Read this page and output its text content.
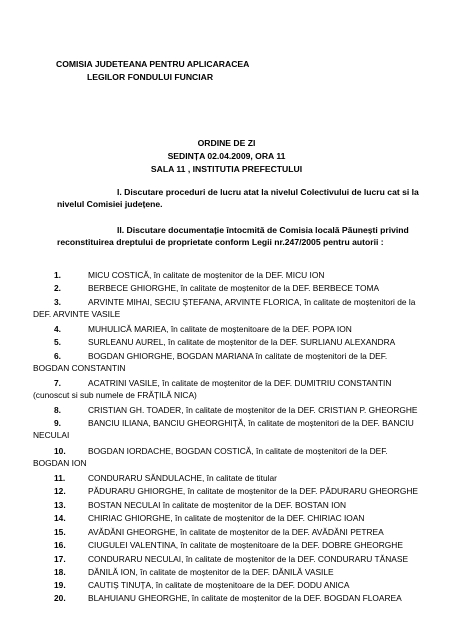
COMISIA JUDETEANA PENTRU APLICARACEA
LEGILOR FONDULUI FUNCIAR
ORDINE DE ZI
SEDINȚA 02.04.2009, ORA 11
SALA 11 , INSTITUTIA PREFECTULUI
I. Discutare proceduri de lucru atat la nivelul Colectivului de lucru cat si la
nivelul Comisiei județene.
II. Discutare documentație întocmită de Comisia locală Păunești privind
reconstituirea dreptului de proprietate conform Legii nr.247/2005 pentru autorii :
1.	MICU COSTICĂ, în calitate de moștenitor de la DEF. MICU ION
2.	BERBECE GHIORGHE, în calitate de moștenitor de la DEF. BERBECE TOMA
3.	ARVINTE MIHAI, SECIU ȘTEFANA, ARVINTE FLORICA, în calitate de moștenitori de la
DEF. ARVINTE VASILE
4.	MUHULICĂ MARIEA, în calitate de moștenitoare de la DEF. POPA ION
5.	SURLEANU AUREL, în calitate de moștenitor de la DEF. SURLIANU ALEXANDRA
6.	BOGDAN GHIORGHE, BOGDAN MARIANA în calitate de moștenitori de la DEF.
BOGDAN CONSTANTIN
7.	ACATRINI VASILE, în calitate de moștenitor de la DEF. DUMITRIU CONSTANTIN
(cunoscut si sub numele de FRĂȚILĂ NICA)
8.	CRISTIAN GH. TOADER, în calitate de moștenitor de la DEF. CRISTIAN P. GHEORGHE
9.	BANCIU ILIANA, BANCIU GHEORGHIȚĂ, în calitate de moștenitori de la DEF. BANCIU
NECULAI
10.	BOGDAN IORDACHE, BOGDAN COSTICĂ, în calitate de moștenitori de la DEF.
BOGDAN ION
11.	CONDURARU SĂNDULACHE, în calitate de titular
12.	PĂDURARU GHIORGHE, în calitate de moștenitor de la DEF. PĂDURARU GHEORGHE
13.	BOSTAN NECULAI în calitate de moștenitor de la DEF. BOSTAN ION
14.	CHIRIAC GHIORGHE, în calitate de moștenitor de la DEF. CHIRIAC IOAN
15.	AVĂDĂNI GHEORGHE, în calitate de moștenitor de la DEF. AVĂDĂNI PETREA
16.	CIUGULEI VALENTINA, în calitate de moștenitoare de la DEF. DOBRE GHEORGHE
17.	CONDURARU NECULAI, în calitate de moștenitor de la DEF. CONDURARU TĂNASE
18.	DĂNILĂ ION, în calitate de moștenitor de la DEF. DĂNILĂ VASILE
19.	CAUTIȘ TINUȚA, în calitate de moștenitoare de la DEF. DODU ANICA
20.	BLAHUIANU GHEORGHE, în calitate de moștenitor de la DEF. BOGDAN FLOAREA
